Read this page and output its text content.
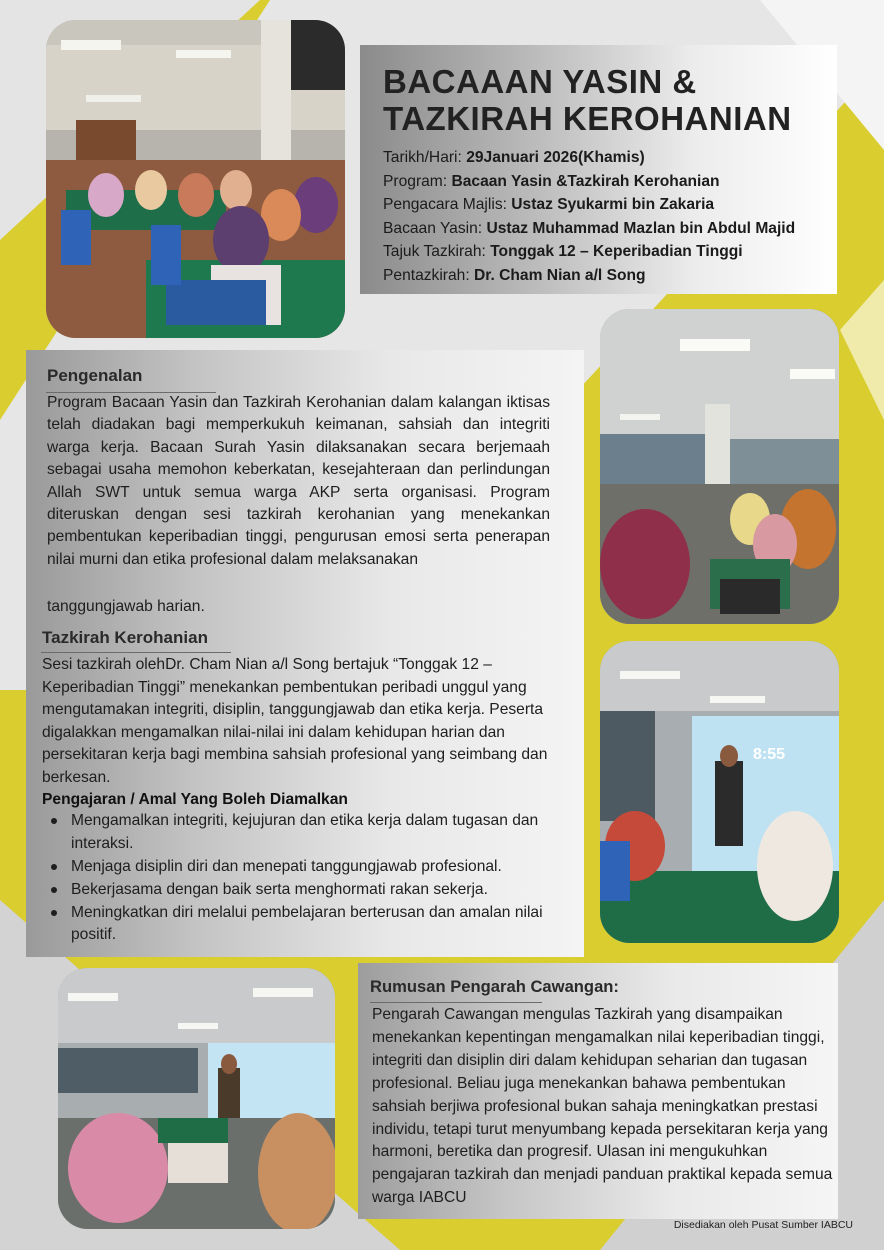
BACAAAN YASIN &
TAZKIRAH KEROHANIAN
Tarikh/Hari: 29Januari 2026(Khamis)
Program: Bacaan Yasin &Tazkirah Kerohanian
Pengacara Majlis: Ustaz Syukarmi bin Zakaria
Bacaan Yasin: Ustaz Muhammad Mazlan bin Abdul Majid
Tajuk Tazkirah: Tonggak 12 – Keperibadian Tinggi
Pentazkirah: Dr. Cham Nian a/l Song
Pengenalan
Program Bacaan Yasin dan Tazkirah Kerohanian dalam kalangan iktisas telah diadakan bagi memperkukuh keimanan, sahsiah dan integriti warga kerja. Bacaan Surah Yasin dilaksanakan secara berjemaah sebagai usaha memohon keberkatan, kesejahteraan dan perlindungan Allah SWT untuk semua warga AKP serta organisasi. Program diteruskan dengan sesi tazkirah kerohanian yang menekankan pembentukan keperibadian tinggi, pengurusan emosi serta penerapan nilai murni dan etika profesional dalam melaksanakan
tanggungjawab harian.
Tazkirah Kerohanian
Sesi tazkirah olehDr. Cham Nian a/l Song bertajuk “Tonggak 12 – Keperibadian Tinggi” menekankan pembentukan peribadi unggul yang mengutamakan integriti, disiplin, tanggungjawab dan etika kerja. Peserta digalakkan mengamalkan nilai-nilai ini dalam kehidupan harian dan persekitaran kerja bagi membina sahsiah profesional yang seimbang dan berkesan.
Pengajaran / Amal Yang Boleh Diamalkan
Mengamalkan integriti, kejujuran dan etika kerja dalam tugasan dan interaksi.
Menjaga disiplin diri dan menepati tanggungjawab profesional.
Bekerjasama dengan baik serta menghormati rakan sekerja.
Meningkatkan diri melalui pembelajaran berterusan dan amalan nilai positif.
8:55
Rumusan Pengarah Cawangan:
Pengarah Cawangan mengulas Tazkirah yang disampaikan menekankan kepentingan mengamalkan nilai keperibadian tinggi, integriti dan disiplin diri dalam kehidupan seharian dan tugasan profesional. Beliau juga menekankan bahawa pembentukan sahsiah berjiwa profesional bukan sahaja meningkatkan prestasi individu, tetapi turut menyumbang kepada persekitaran kerja yang harmoni, beretika dan progresif. Ulasan ini mengukuhkan pengajaran tazkirah dan menjadi panduan praktikal kepada semua warga IABCU
Disediakan oleh Pusat Sumber IABCU
